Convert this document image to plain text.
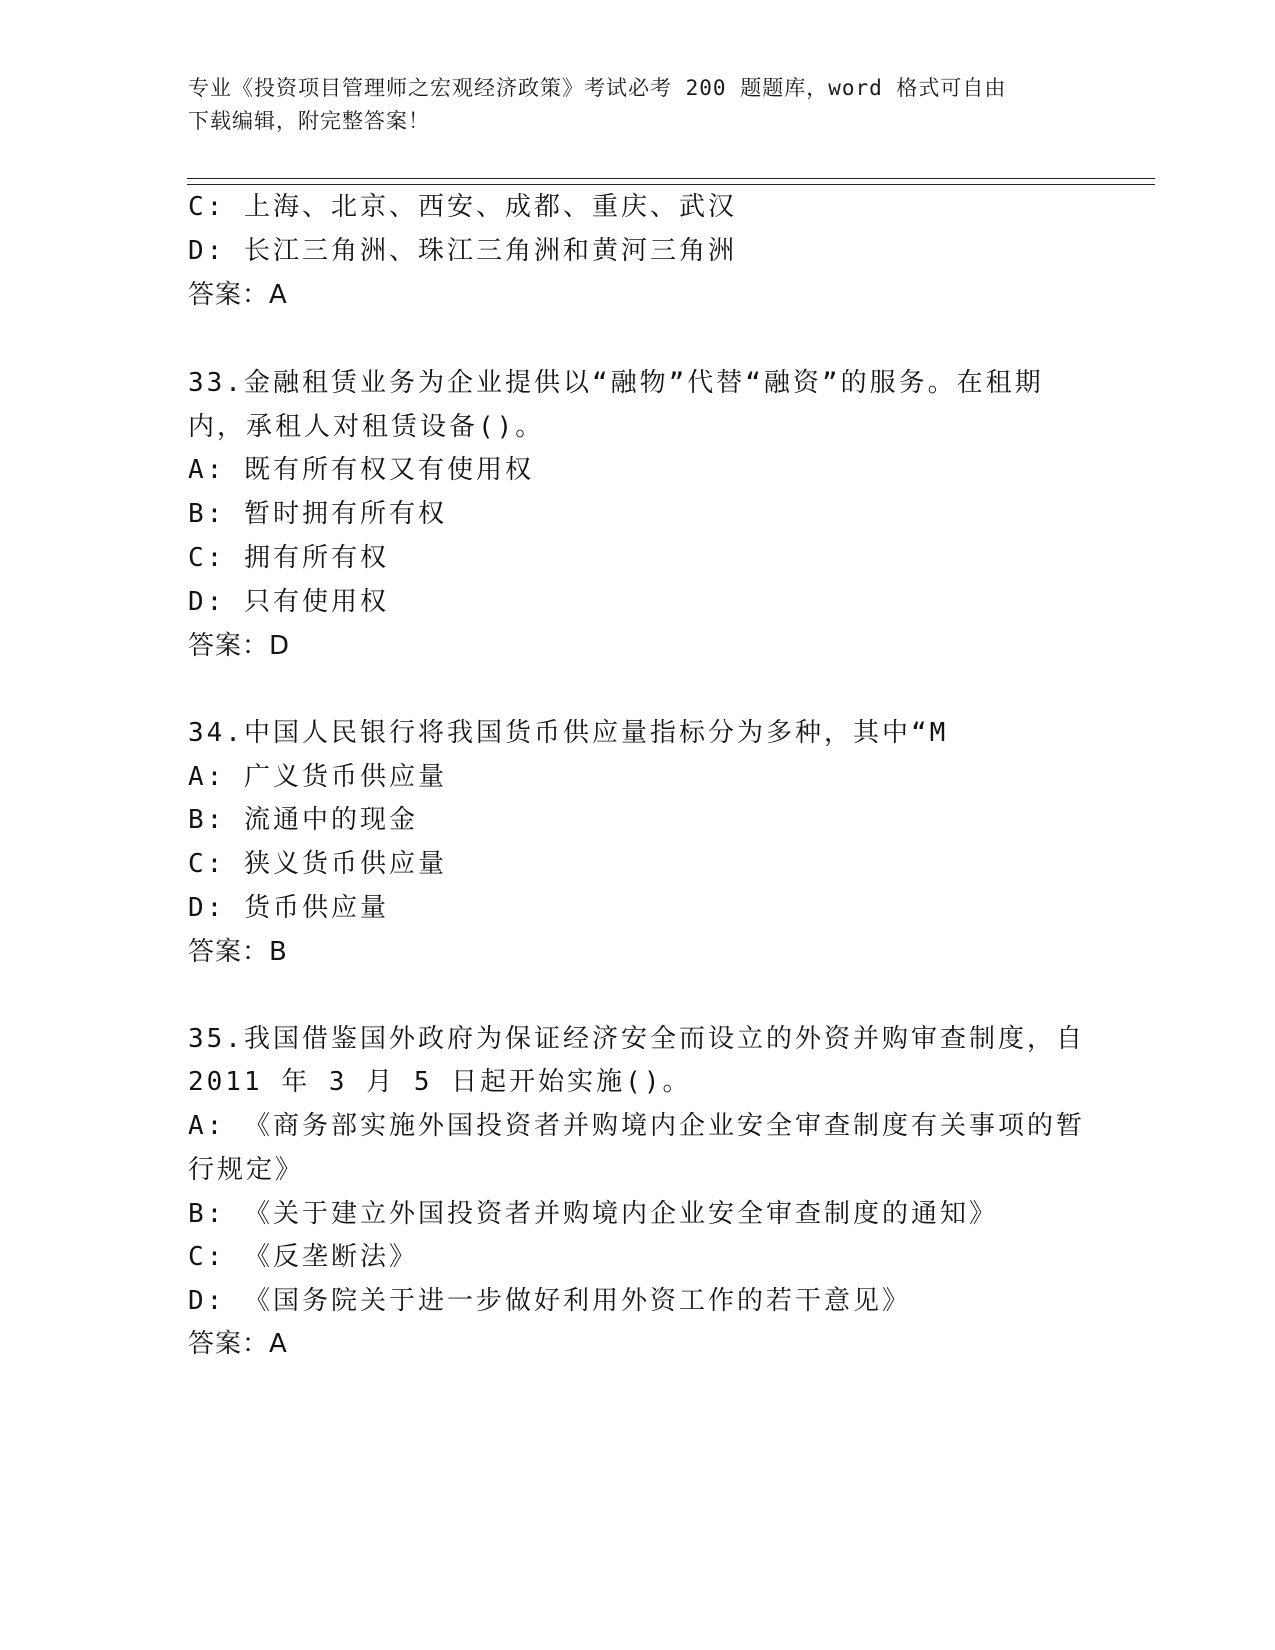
专业《投资项目管理师之宏观经济政策》考试必考 200 题题库，word 格式可自由
下载编辑，附完整答案！
C: 上海、北京、西安、成都、重庆、武汉
D: 长江三角洲、珠江三角洲和黄河三角洲
答案：A
33.金融租赁业务为企业提供以“融物”代替“融资”的服务。在租期
内，承租人对租赁设备()。
A: 既有所有权又有使用权
B: 暂时拥有所有权
C: 拥有所有权
D: 只有使用权
答案：D
34.中国人民银行将我国货币供应量指标分为多种，其中“M
A: 广义货币供应量
B: 流通中的现金
C: 狭义货币供应量
D: 货币供应量
答案：B
35.我国借鉴国外政府为保证经济安全而设立的外资并购审查制度，自
2011 年 3 月 5 日起开始实施()。
A: 《商务部实施外国投资者并购境内企业安全审查制度有关事项的暂
行规定》
B: 《关于建立外国投资者并购境内企业安全审查制度的通知》
C: 《反垄断法》
D: 《国务院关于进一步做好利用外资工作的若干意见》
答案：A
